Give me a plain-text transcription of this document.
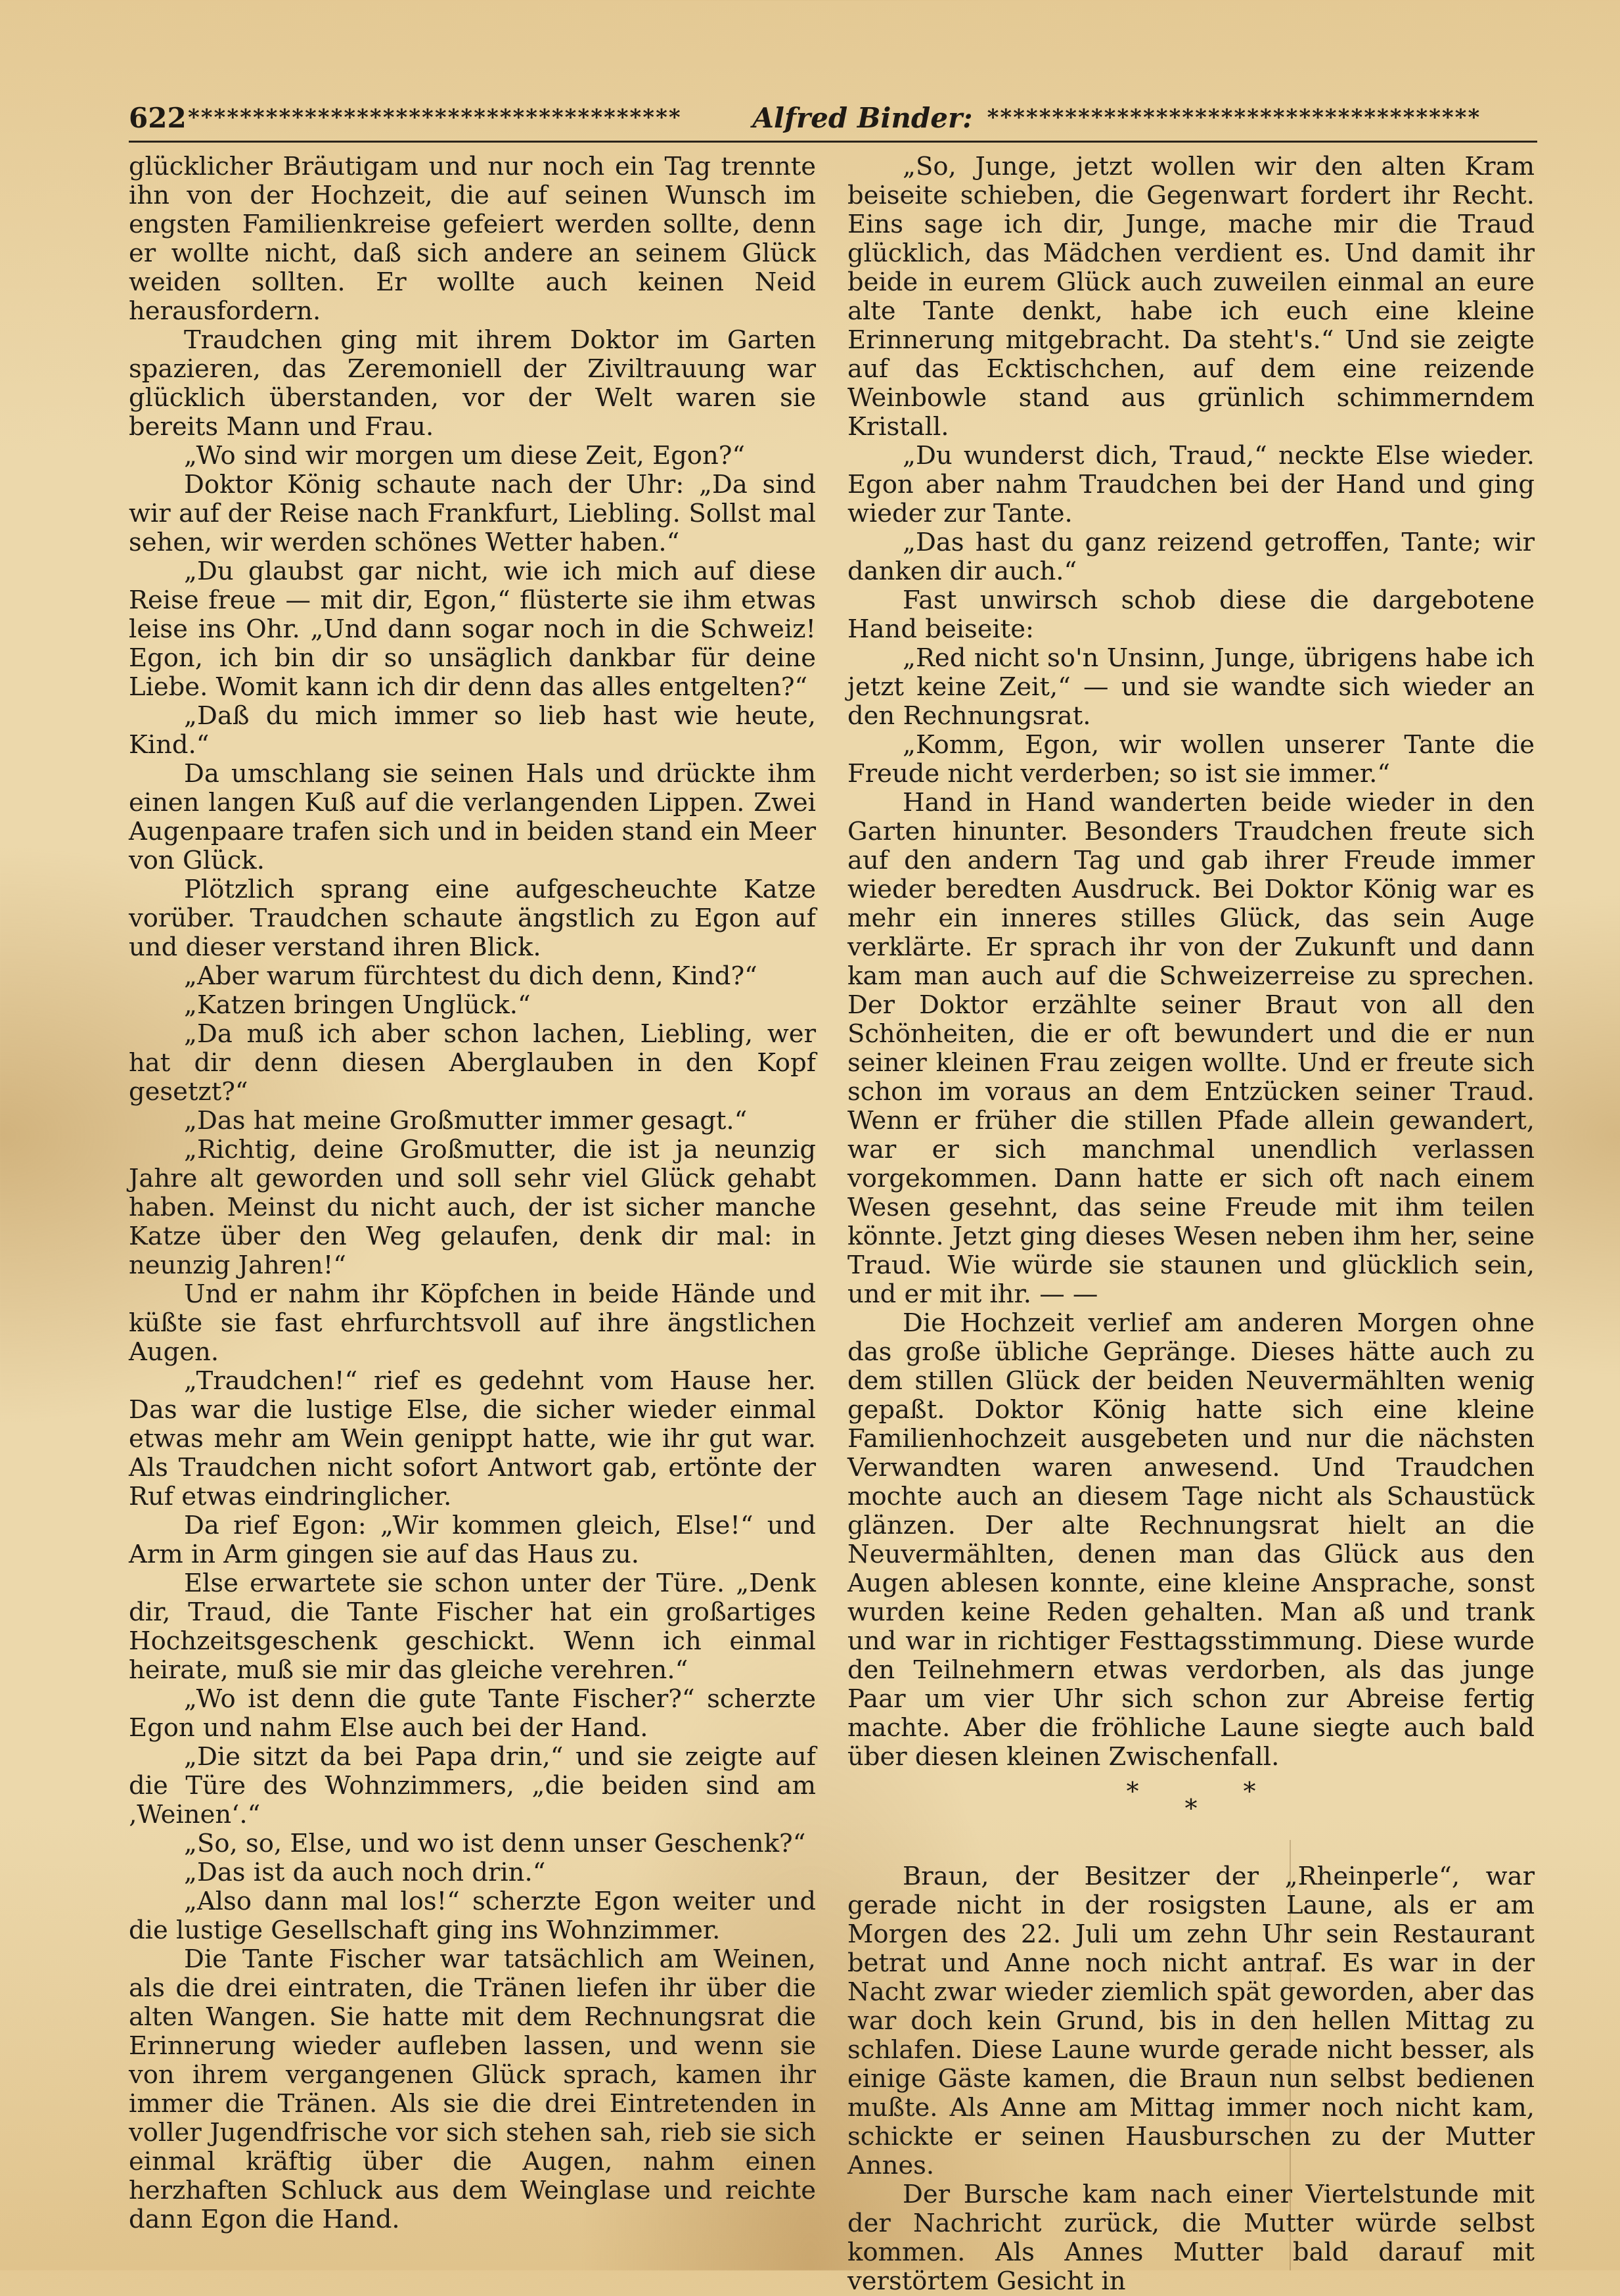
622 **************************************	Alfred Binder: **************************************

glücklicher Bräutigam und nur noch ein Tag trennte ihn von der Hochzeit, die auf seinen Wunsch im engsten Familienkreise gefeiert werden sollte, denn er wollte nicht, daß sich andere an seinem Glück weiden sollten. Er wollte auch keinen Neid herausfordern.

Traudchen ging mit ihrem Doktor im Garten spazieren, das Zeremoniell der Ziviltrauung war glücklich überstanden, vor der Welt waren sie bereits Mann und Frau.

„Wo sind wir morgen um diese Zeit, Egon?“

Doktor König schaute nach der Uhr: „Da sind wir auf der Reise nach Frankfurt, Liebling. Sollst mal sehen, wir werden schönes Wetter haben.“

„Du glaubst gar nicht, wie ich mich auf diese Reise freue — mit dir, Egon,“ flüsterte sie ihm etwas leise ins Ohr. „Und dann sogar noch in die Schweiz! Egon, ich bin dir so unsäglich dankbar für deine Liebe. Womit kann ich dir denn das alles entgelten?“

„Daß du mich immer so lieb hast wie heute, Kind.“

Da umschlang sie seinen Hals und drückte ihm einen langen Kuß auf die verlangenden Lippen. Zwei Augenpaare trafen sich und in beiden stand ein Meer von Glück.

Plötzlich sprang eine aufgescheuchte Katze vorüber. Traudchen schaute ängstlich zu Egon auf und dieser verstand ihren Blick.

„Aber warum fürchtest du dich denn, Kind?“

„Katzen bringen Unglück.“

„Da muß ich aber schon lachen, Liebling, wer hat dir denn diesen Aberglauben in den Kopf gesetzt?“

„Das hat meine Großmutter immer gesagt.“

„Richtig, deine Großmutter, die ist ja neunzig Jahre alt geworden und soll sehr viel Glück gehabt haben. Meinst du nicht auch, der ist sicher manche Katze über den Weg gelaufen, denk dir mal: in neunzig Jahren!“

Und er nahm ihr Köpfchen in beide Hände und küßte sie fast ehrfurchtsvoll auf ihre ängstlichen Augen.

„Traudchen!“ rief es gedehnt vom Hause her. Das war die lustige Else, die sicher wieder einmal etwas mehr am Wein genippt hatte, wie ihr gut war. Als Traudchen nicht sofort Antwort gab, ertönte der Ruf etwas eindringlicher.

Da rief Egon: „Wir kommen gleich, Else!“ und Arm in Arm gingen sie auf das Haus zu.

Else erwartete sie schon unter der Türe. „Denk dir, Traud, die Tante Fischer hat ein großartiges Hochzeitsgeschenk geschickt. Wenn ich einmal heirate, muß sie mir das gleiche verehren.“

„Wo ist denn die gute Tante Fischer?“ scherzte Egon und nahm Else auch bei der Hand.

„Die sitzt da bei Papa drin,“ und sie zeigte auf die Türe des Wohnzimmers, „die beiden sind am ‚Weinen‘.“

„So, so, Else, und wo ist denn unser Geschenk?“

„Das ist da auch noch drin.“

„Also dann mal los!“ scherzte Egon weiter und die lustige Gesellschaft ging ins Wohnzimmer.

Die Tante Fischer war tatsächlich am Weinen, als die drei eintraten, die Tränen liefen ihr über die alten Wangen. Sie hatte mit dem Rechnungsrat die Erinnerung wieder aufleben lassen, und wenn sie von ihrem vergangenen Glück sprach, kamen ihr immer die Tränen. Als sie die drei Eintretenden in voller Jugendfrische vor sich stehen sah, rieb sie sich einmal kräftig über die Augen, nahm einen herzhaften Schluck aus dem Weinglase und reichte dann Egon die Hand.

„So, Junge, jetzt wollen wir den alten Kram beiseite schieben, die Gegenwart fordert ihr Recht. Eins sage ich dir, Junge, mache mir die Traud glücklich, das Mädchen verdient es. Und damit ihr beide in eurem Glück auch zuweilen einmal an eure alte Tante denkt, habe ich euch eine kleine Erinnerung mitgebracht. Da steht's.“ Und sie zeigte auf das Ecktischchen, auf dem eine reizende Weinbowle stand aus grünlich schimmerndem Kristall.

„Du wunderst dich, Traud,“ neckte Else wieder. Egon aber nahm Traudchen bei der Hand und ging wieder zur Tante.

„Das hast du ganz reizend getroffen, Tante; wir danken dir auch.“

Fast unwirsch schob diese die dargebotene Hand beiseite:

„Red nicht so'n Unsinn, Junge, übrigens habe ich jetzt keine Zeit,“ — und sie wandte sich wieder an den Rechnungsrat.

„Komm, Egon, wir wollen unserer Tante die Freude nicht verderben; so ist sie immer.“

Hand in Hand wanderten beide wieder in den Garten hinunter. Besonders Traudchen freute sich auf den andern Tag und gab ihrer Freude immer wieder beredten Ausdruck. Bei Doktor König war es mehr ein inneres stilles Glück, das sein Auge verklärte. Er sprach ihr von der Zukunft und dann kam man auch auf die Schweizerreise zu sprechen. Der Doktor erzählte seiner Braut von all den Schönheiten, die er oft bewundert und die er nun seiner kleinen Frau zeigen wollte. Und er freute sich schon im voraus an dem Entzücken seiner Traud. Wenn er früher die stillen Pfade allein gewandert, war er sich manchmal unendlich verlassen vorgekommen. Dann hatte er sich oft nach einem Wesen gesehnt, das seine Freude mit ihm teilen könnte. Jetzt ging dieses Wesen neben ihm her, seine Traud. Wie würde sie staunen und glücklich sein, und er mit ihr. — —

Die Hochzeit verlief am anderen Morgen ohne das große übliche Gepränge. Dieses hätte auch zu dem stillen Glück der beiden Neuvermählten wenig gepaßt. Doktor König hatte sich eine kleine Familienhochzeit ausgebeten und nur die nächsten Verwandten waren anwesend. Und Traudchen mochte auch an diesem Tage nicht als Schaustück glänzen. Der alte Rechnungsrat hielt an die Neuvermählten, denen man das Glück aus den Augen ablesen konnte, eine kleine Ansprache, sonst wurden keine Reden gehalten. Man aß und trank und war in richtiger Festtagsstimmung. Diese wurde den Teilnehmern etwas verdorben, als das junge Paar um vier Uhr sich schon zur Abreise fertig machte. Aber die fröhliche Laune siegte auch bald über diesen kleinen Zwischenfall.

*
*
*

Braun, der Besitzer der „Rheinperle“, war gerade nicht in der rosigsten Laune, als er am Morgen des 22. Juli um zehn Uhr sein Restaurant betrat und Anne noch nicht antraf. Es war in der Nacht zwar wieder ziemlich spät geworden, aber das war doch kein Grund, bis in den hellen Mittag zu schlafen. Diese Laune wurde gerade nicht besser, als einige Gäste kamen, die Braun nun selbst bedienen mußte. Als Anne am Mittag immer noch nicht kam, schickte er seinen Hausburschen zu der Mutter Annes.

Der Bursche kam nach einer Viertelstunde mit der Nachricht zurück, die Mutter würde selbst kommen. Als Annes Mutter bald darauf mit verstörtem Gesicht in
